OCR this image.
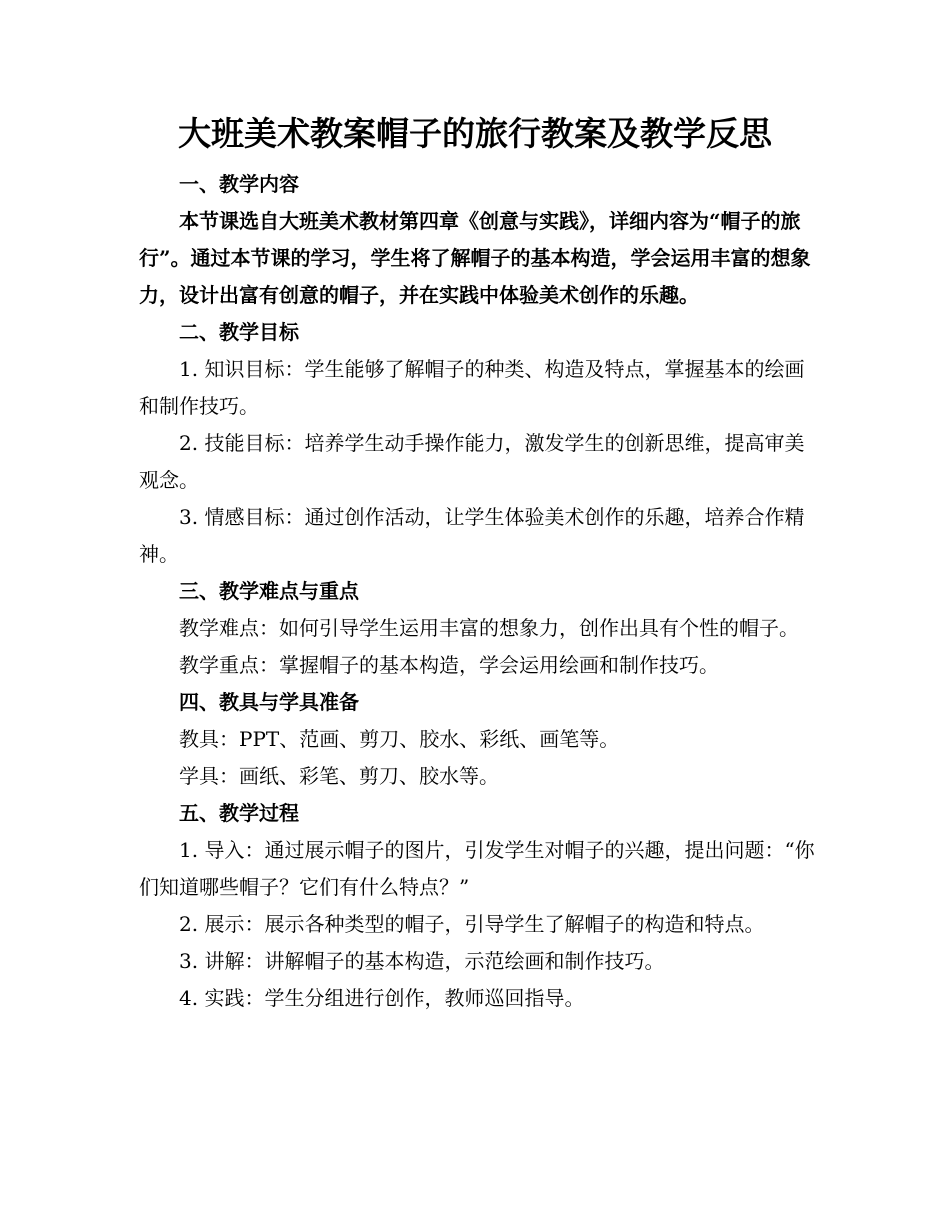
大班美术教案帽子的旅行教案及教学反思

一、教学内容

本节课选自大班美术教材第四章《创意与实践》，详细内容为“帽子的旅行”。通过本节课的学习，学生将了解帽子的基本构造，学会运用丰富的想象力，设计出富有创意的帽子，并在实践中体验美术创作的乐趣。

二、教学目标

1. 知识目标：学生能够了解帽子的种类、构造及特点，掌握基本的绘画和制作技巧。

2. 技能目标：培养学生动手操作能力，激发学生的创新思维，提高审美观念。

3. 情感目标：通过创作活动，让学生体验美术创作的乐趣，培养合作精神。

三、教学难点与重点

教学难点：如何引导学生运用丰富的想象力，创作出具有个性的帽子。

教学重点：掌握帽子的基本构造，学会运用绘画和制作技巧。

四、教具与学具准备

教具：PPT、范画、剪刀、胶水、彩纸、画笔等。

学具：画纸、彩笔、剪刀、胶水等。

五、教学过程

1. 导入：通过展示帽子的图片，引发学生对帽子的兴趣，提出问题：“你们知道哪些帽子？它们有什么特点？”

2. 展示：展示各种类型的帽子，引导学生了解帽子的构造和特点。

3. 讲解：讲解帽子的基本构造，示范绘画和制作技巧。

4. 实践：学生分组进行创作，教师巡回指导。
